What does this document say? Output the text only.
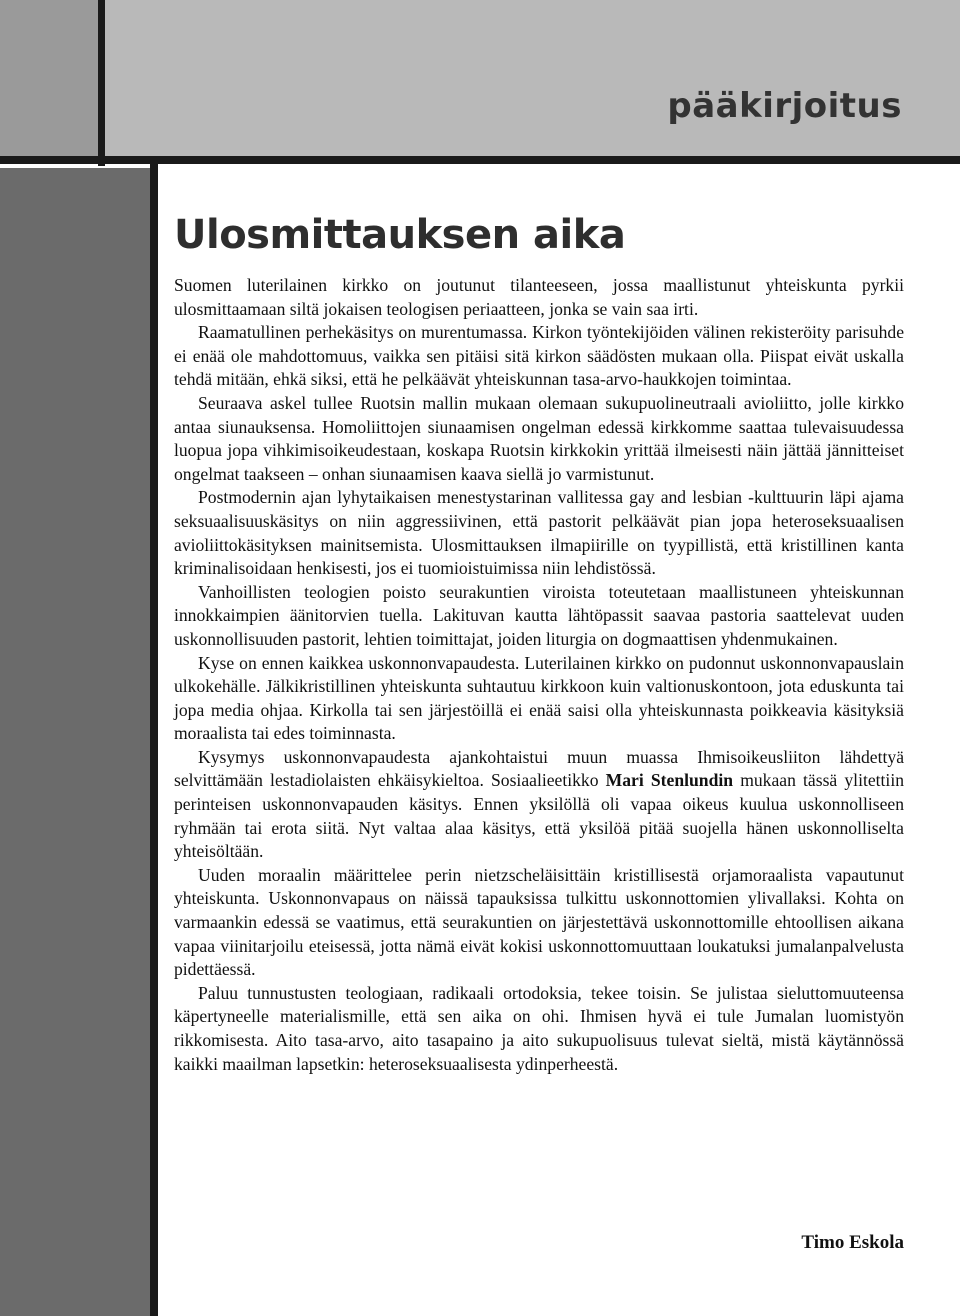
pääkirjoitus
Ulosmittauksen aika

Suomen luterilainen kirkko on joutunut tilanteeseen, jossa maallistunut yhteiskunta pyrkii ulosmittaamaan siltä jokaisen teologisen periaatteen, jonka se vain saa irti.

Raamatullinen perhekäsitys on murentumassa. Kirkon työntekijöiden välinen rekisteröity parisuhde ei enää ole mahdottomuus, vaikka sen pitäisi sitä kirkon säädösten mukaan olla. Piispat eivät uskalla tehdä mitään, ehkä siksi, että he pelkäävät yhteiskunnan tasa-arvo-haukkojen toimintaa.

Seuraava askel tullee Ruotsin mallin mukaan olemaan sukupuolineutraali avioliitto, jolle kirkko antaa siunauksensa. Homoliittojen siunaamisen ongelman edessä kirkkomme saattaa tulevaisuudessa luopua jopa vihkimisoikeudestaan, koskapa Ruotsin kirkkokin yrittää ilmeisesti näin jättää jännitteiset ongelmat taakseen – onhan siunaamisen kaava siellä jo varmistunut.

Postmodernin ajan lyhytaikaisen menestystarinan vallitessa gay and lesbian -kulttuurin läpi ajama seksuaalisuuskäsitys on niin aggressiivinen, että pastorit pelkäävät pian jopa heteroseksuaalisen avioliittokäsityksen mainitsemista. Ulosmittauksen ilmapiirille on tyypillistä, että kristillinen kanta kriminalisoidaan henkisesti, jos ei tuomioistuimissa niin lehdistössä.

Vanhoillisten teologien poisto seurakuntien viroista toteutetaan maallistuneen yhteiskunnan innokkaimpien äänitorvien tuella. Lakituvan kautta lähtöpassit saavaa pastoria saattelevat uuden uskonnollisuuden pastorit, lehtien toimittajat, joiden liturgia on dogmaattisen yhdenmukainen.

Kyse on ennen kaikkea uskonnonvapaudesta. Luterilainen kirkko on pudonnut uskonnonvapauslain ulkokehälle. Jälkikristillinen yhteiskunta suhtautuu kirkkoon kuin valtionuskontoon, jota eduskunta tai jopa media ohjaa. Kirkolla tai sen järjestöillä ei enää saisi olla yhteiskunnasta poikkeavia käsityksiä moraalista tai edes toiminnasta.

Kysymys uskonnonvapaudesta ajankohtaistui muun muassa Ihmisoikeusliiton lähdettyä selvittämään lestadiolaisten ehkäisykieltoa. Sosiaalieetikko Mari Stenlundin mukaan tässä ylitettiin perinteisen uskonnonvapauden käsitys. Ennen yksilöllä oli vapaa oikeus kuulua uskonnolliseen ryhmään tai erota siitä. Nyt valtaa alaa käsitys, että yksilöä pitää suojella hänen uskonnolliselta yhteisöltään.

Uuden moraalin määrittelee perin nietzscheläisittäin kristillisestä orjamoraalista vapautunut yhteiskunta. Uskonnonvapaus on näissä tapauksissa tulkittu uskonnottomien ylivallaksi. Kohta on varmaankin edessä se vaatimus, että seurakuntien on järjestettävä uskonnottomille ehtoollisen aikana vapaa viinitarjoilu eteisessä, jotta nämä eivät kokisi uskonnottomuuttaan loukatuksi jumalanpalvelusta pidettäessä.

Paluu tunnustusten teologiaan, radikaali ortodoksia, tekee toisin. Se julistaa sieluttomuuteensa käpertyneelle materialismille, että sen aika on ohi. Ihmisen hyvä ei tule Jumalan luomistyön rikkomisesta. Aito tasa-arvo, aito tasapaino ja aito sukupuolisuus tulevat sieltä, mistä käytännössä kaikki maailman lapsetkin: heteroseksuaalisesta ydinperheestä.

Timo Eskola
